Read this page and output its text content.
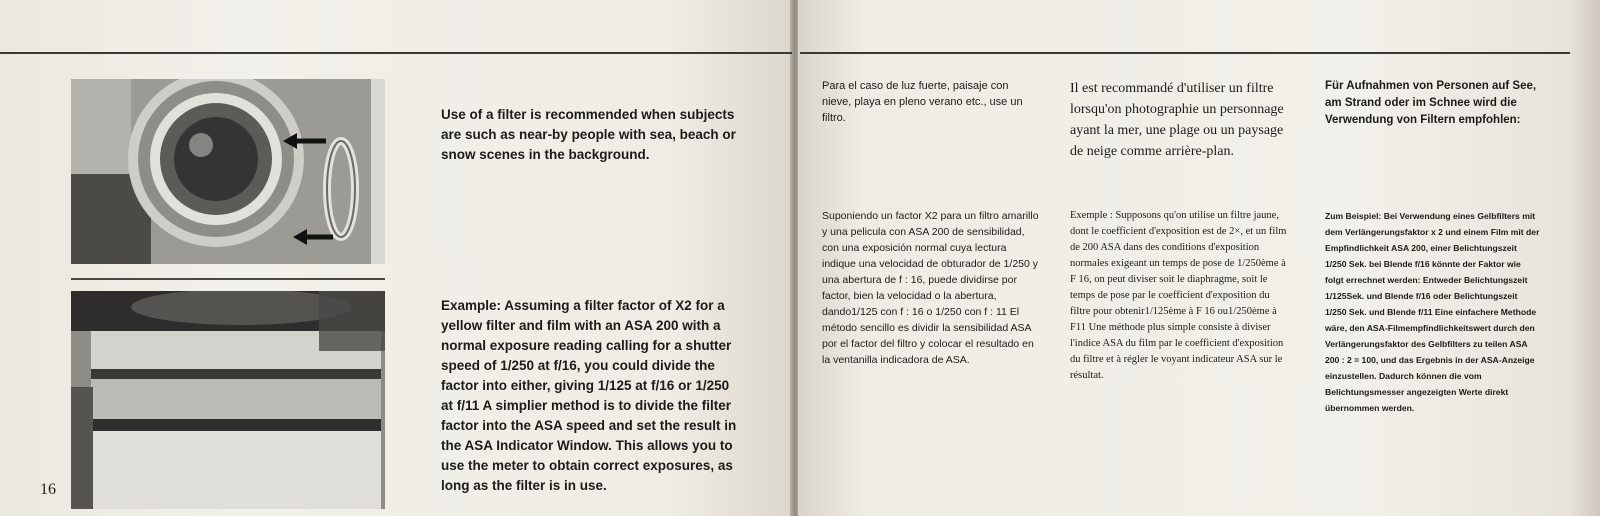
16
Use of a filter is recommended when subjects are such as near-by people with sea, beach or snow scenes in the background.
Example: Assuming a filter factor of X2 for a yellow filter and film with an ASA 200 with a normal exposure reading calling for a shutter speed of 1/250 at f/16, you could divide the factor into either, giving 1/125 at f/16 or 1/250 at f/11 A simplier method is to divide the filter factor into the ASA speed and set the result in the ASA Indicator Window. This allows you to use the meter to obtain correct exposures, as long as the filter is in use.
Para el caso de luz fuerte, paisaje con nieve, playa en pleno verano etc., use un filtro.
Il est recommandé d'utiliser un filtre lorsqu'on photographie un personnage ayant la mer, une plage ou un paysage de neige comme arrière-plan.
Für Aufnahmen von Personen auf See, am Strand oder im Schnee wird die Verwendung von Filtern empfohlen:
Suponiendo un factor X2 para un filtro amarillo y una pelicula con ASA 200 de sensibilidad, con una exposición normal cuya lectura indique una velocidad de obturador de 1/250 y una abertura de f : 16, puede dividirse por factor, bien la velocidad o la abertura, dando1/125 con f : 16 o 1/250 con f : 11 El método sencillo es dividir la sensibilidad ASA por el factor del filtro y colocar el resultado en la ventanilla indicadora de ASA.
Exemple : Supposons qu'on utilise un filtre jaune, dont le coefficient d'exposition est de 2×, et un film de 200 ASA dans des conditions d'exposition normales exigeant un temps de pose de 1/250ème à F 16, on peut diviser soit le diaphragme, soit le temps de pose par le coefficient d'exposition du filtre pour obtenir1/125ème à F 16 ou1/250ème à F11 Une méthode plus simple consiste à diviser l'indice ASA du film par le coefficient d'exposition du filtre et à régler le voyant indicateur ASA sur le résultat.
Zum Beispiel: Bei Verwendung eines Gelbfilters mit dem Verlängerungsfaktor x 2 und einem Film mit der Empfindlichkeit ASA 200, einer Belichtungszeit 1/250 Sek. bei Blende f/16 könnte der Faktor wie folgt errechnet werden: Entweder Belichtungszeit 1/125Sek. und Blende f/16 oder Belichtungszeit 1/250 Sek. und Blende f/11 Eine einfachere Methode wäre, den ASA-Filmempfindlichkeitswert durch den Verlängerungsfaktor des Gelbfilters zu teilen ASA 200 : 2 = 100, und das Ergebnis in der ASA-Anzeige einzustellen. Dadurch können die vom Belichtungsmesser angezeigten Werte direkt übernommen werden.
